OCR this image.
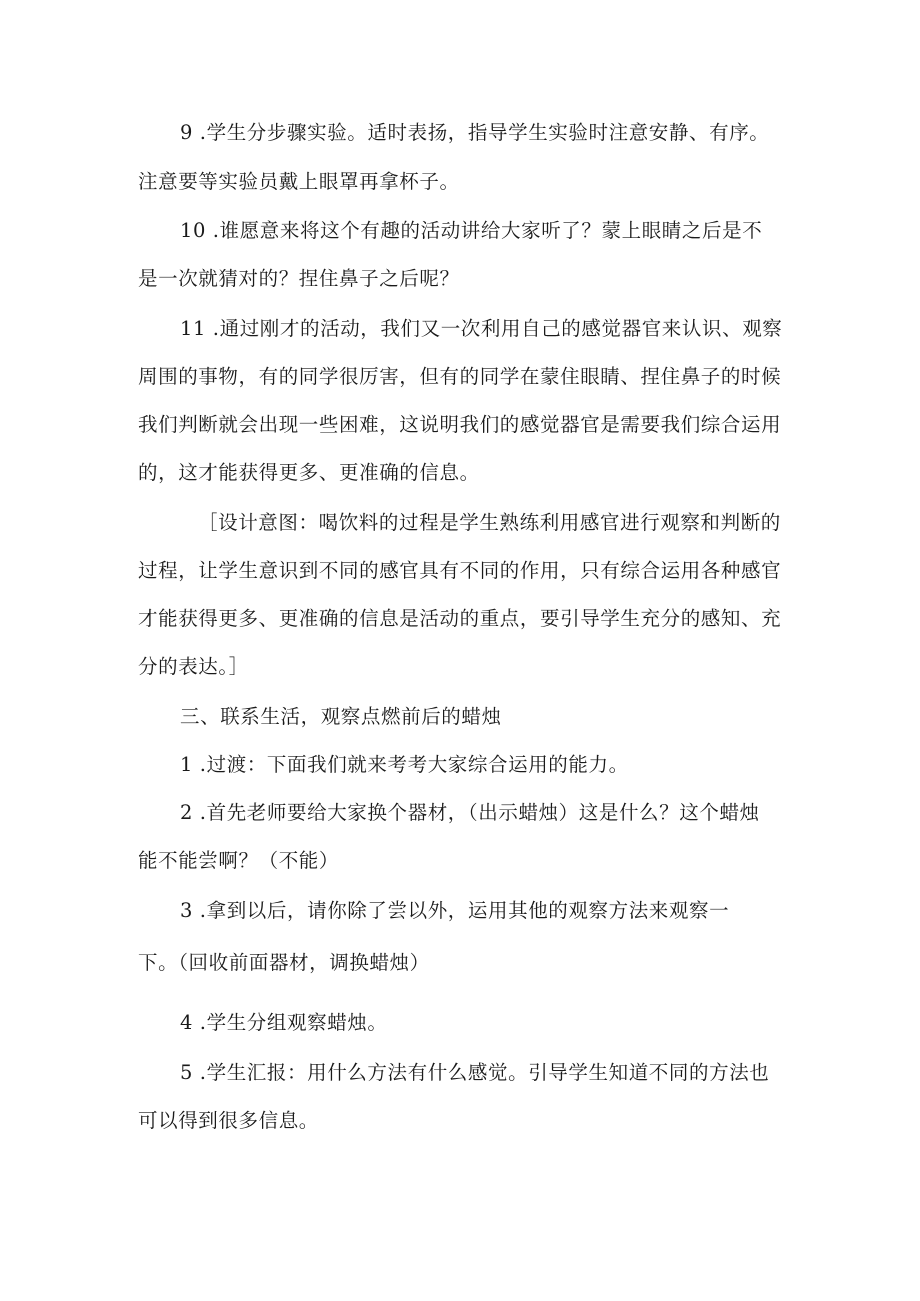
9 .学生分步骤实验。适时表扬，指导学生实验时注意安静、有序。
注意要等实验员戴上眼罩再拿杯子。
10 .谁愿意来将这个有趣的活动讲给大家听了？蒙上眼睛之后是不
是一次就猜对的？捏住鼻子之后呢？
11 .通过刚才的活动，我们又一次利用自己的感觉器官来认识、观察
周围的事物，有的同学很厉害，但有的同学在蒙住眼睛、捏住鼻子的时候
我们判断就会出现一些困难，这说明我们的感觉器官是需要我们综合运用
的，这才能获得更多、更准确的信息。
［设计意图：喝饮料的过程是学生熟练利用感官进行观察和判断的
过程，让学生意识到不同的感官具有不同的作用，只有综合运用各种感官
才能获得更多、更准确的信息是活动的重点，要引导学生充分的感知、充
分的表达。］
三、联系生活，观察点燃前后的蜡烛
1 .过渡：下面我们就来考考大家综合运用的能力。
2 .首先老师要给大家换个器材，（出示蜡烛）这是什么？这个蜡烛
能不能尝啊？（不能）
3 .拿到以后，请你除了尝以外，运用其他的观察方法来观察一
下。（回收前面器材，调换蜡烛）
4 .学生分组观察蜡烛。
5 .学生汇报：用什么方法有什么感觉。引导学生知道不同的方法也
可以得到很多信息。
